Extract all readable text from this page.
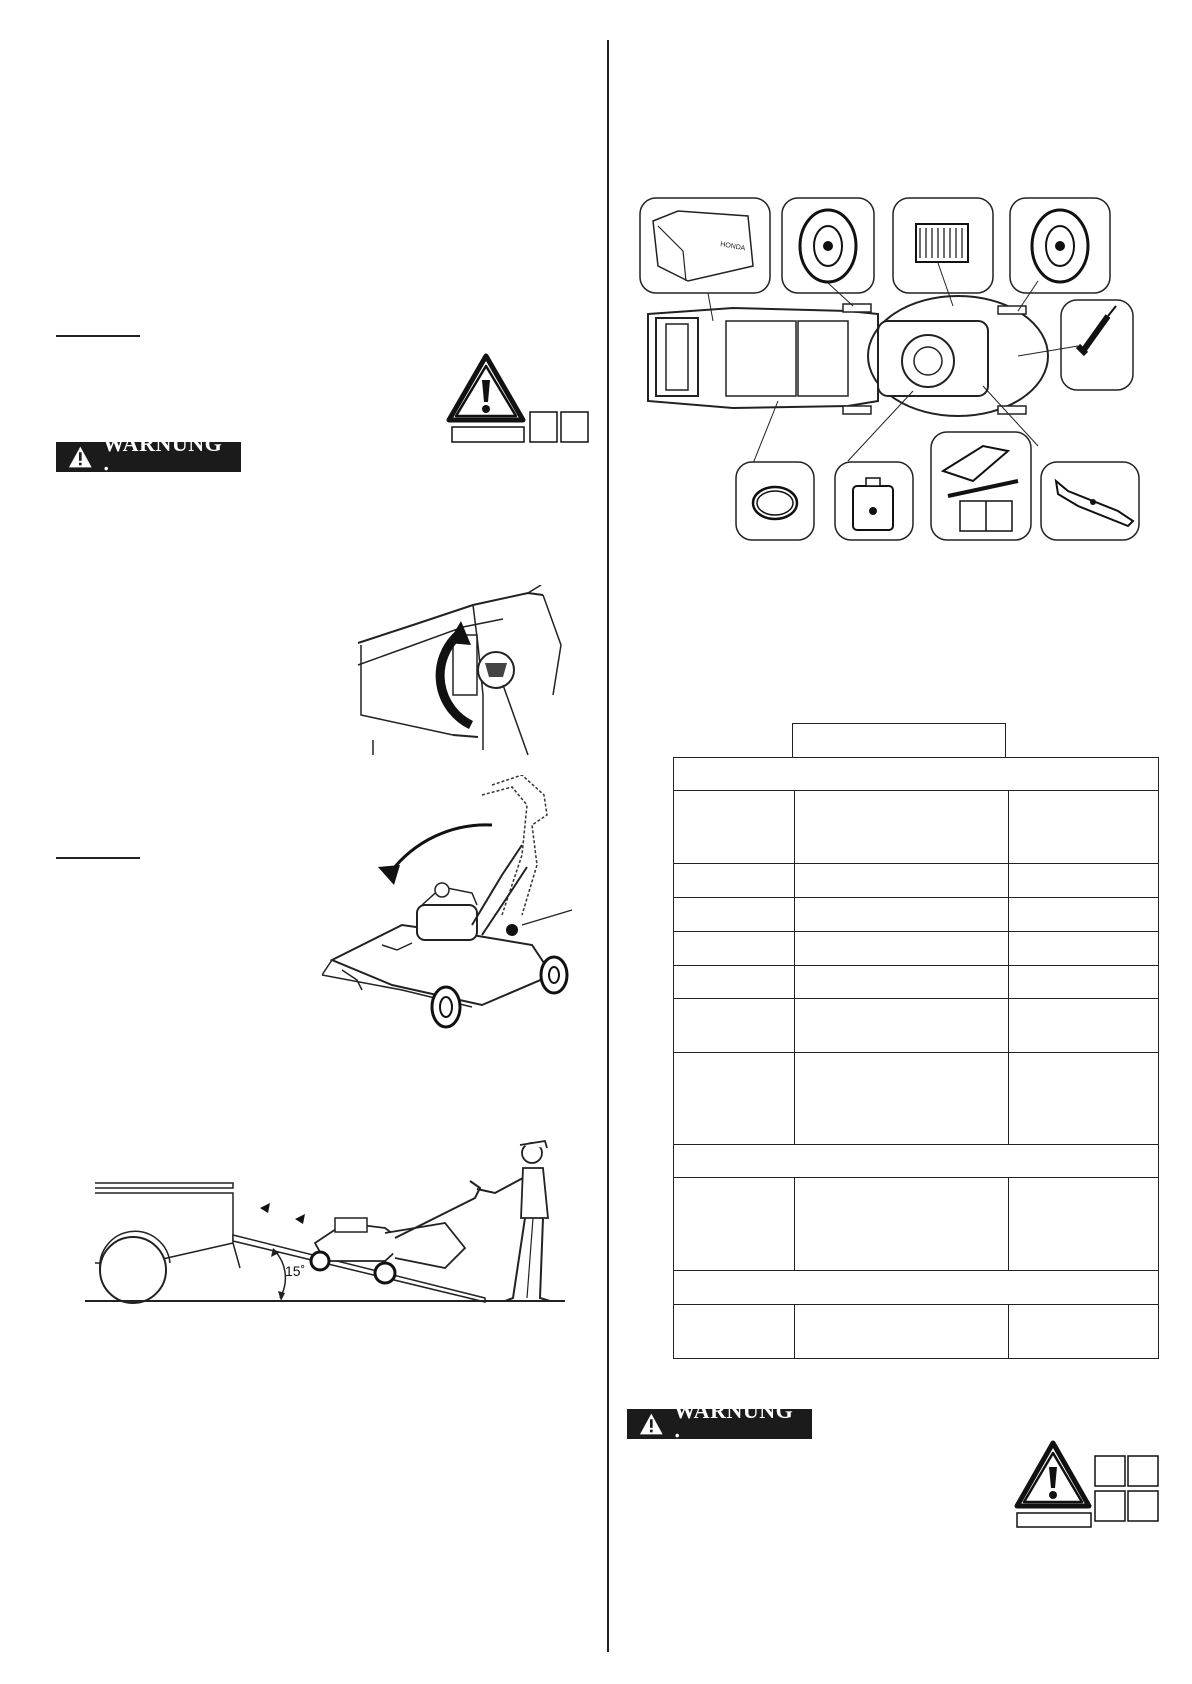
WARNUNG :
15˚
HONDA

WARNUNG :
